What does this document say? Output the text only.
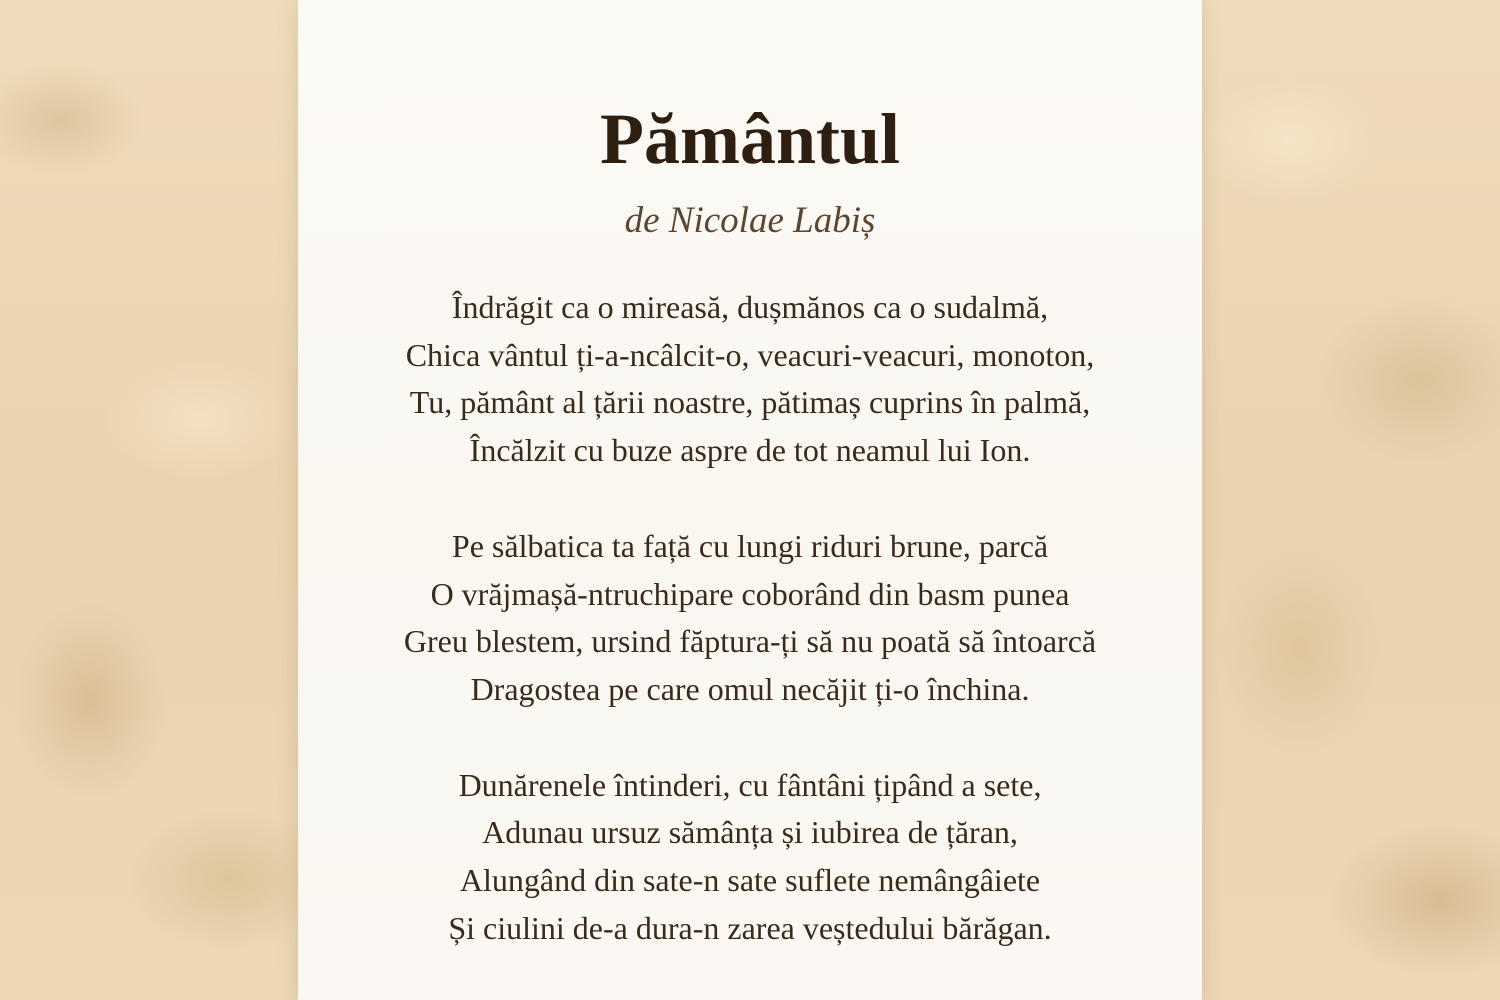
Pământul
de Nicolae Labiș
Îndrăgit ca o mireasă, dușmănos ca o sudalmă,
Chica vântul ți-a-ncâlcit-o, veacuri-veacuri, monoton,
Tu, pământ al țării noastre, pătimaș cuprins în palmă,
Încălzit cu buze aspre de tot neamul lui Ion.
Pe sălbatica ta față cu lungi riduri brune, parcă
O vrăjmașă-ntruchipare coborând din basm punea
Greu blestem, ursind făptura-ți să nu poată să întoarcă
Dragostea pe care omul necăjit ți-o închina.
Dunărenele întinderi, cu fântâni țipând a sete,
Adunau ursuz sămânța și iubirea de țăran,
Alungând din sate-n sate suflete nemângâiete
Și ciulini de-a dura-n zarea veștedului bărăgan.
